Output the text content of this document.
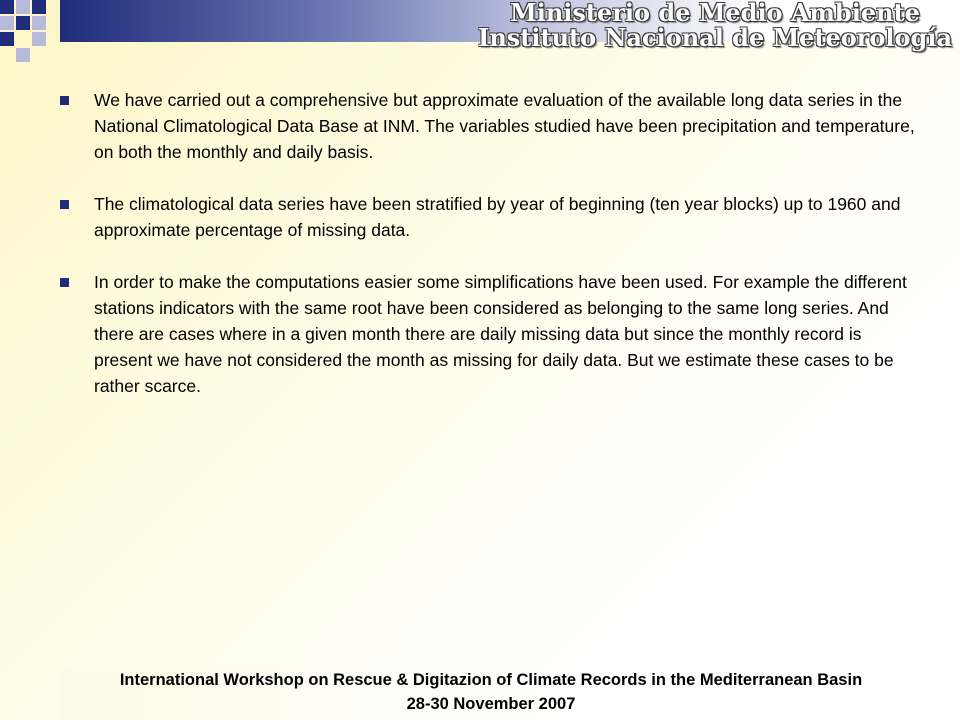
Ministerio de Medio Ambiente
Instituto Nacional de Meteorología
We have carried out a comprehensive but approximate evaluation of the available long data series in the National Climatological Data Base at INM. The variables studied have been precipitation and temperature, on both the monthly and daily basis.
The climatological data series have been stratified by year of beginning (ten year blocks) up to 1960 and approximate percentage of missing data.
In order to make the computations easier some simplifications have been used. For example the different stations indicators with the same root have been considered as belonging to the same long series. And there are cases where in a given month there are daily missing data but since the monthly record is present we have not considered the month as missing for daily data. But we estimate these cases to be rather scarce.
International Workshop on Rescue & Digitazion of Climate Records in the Mediterranean Basin
28-30 November 2007
